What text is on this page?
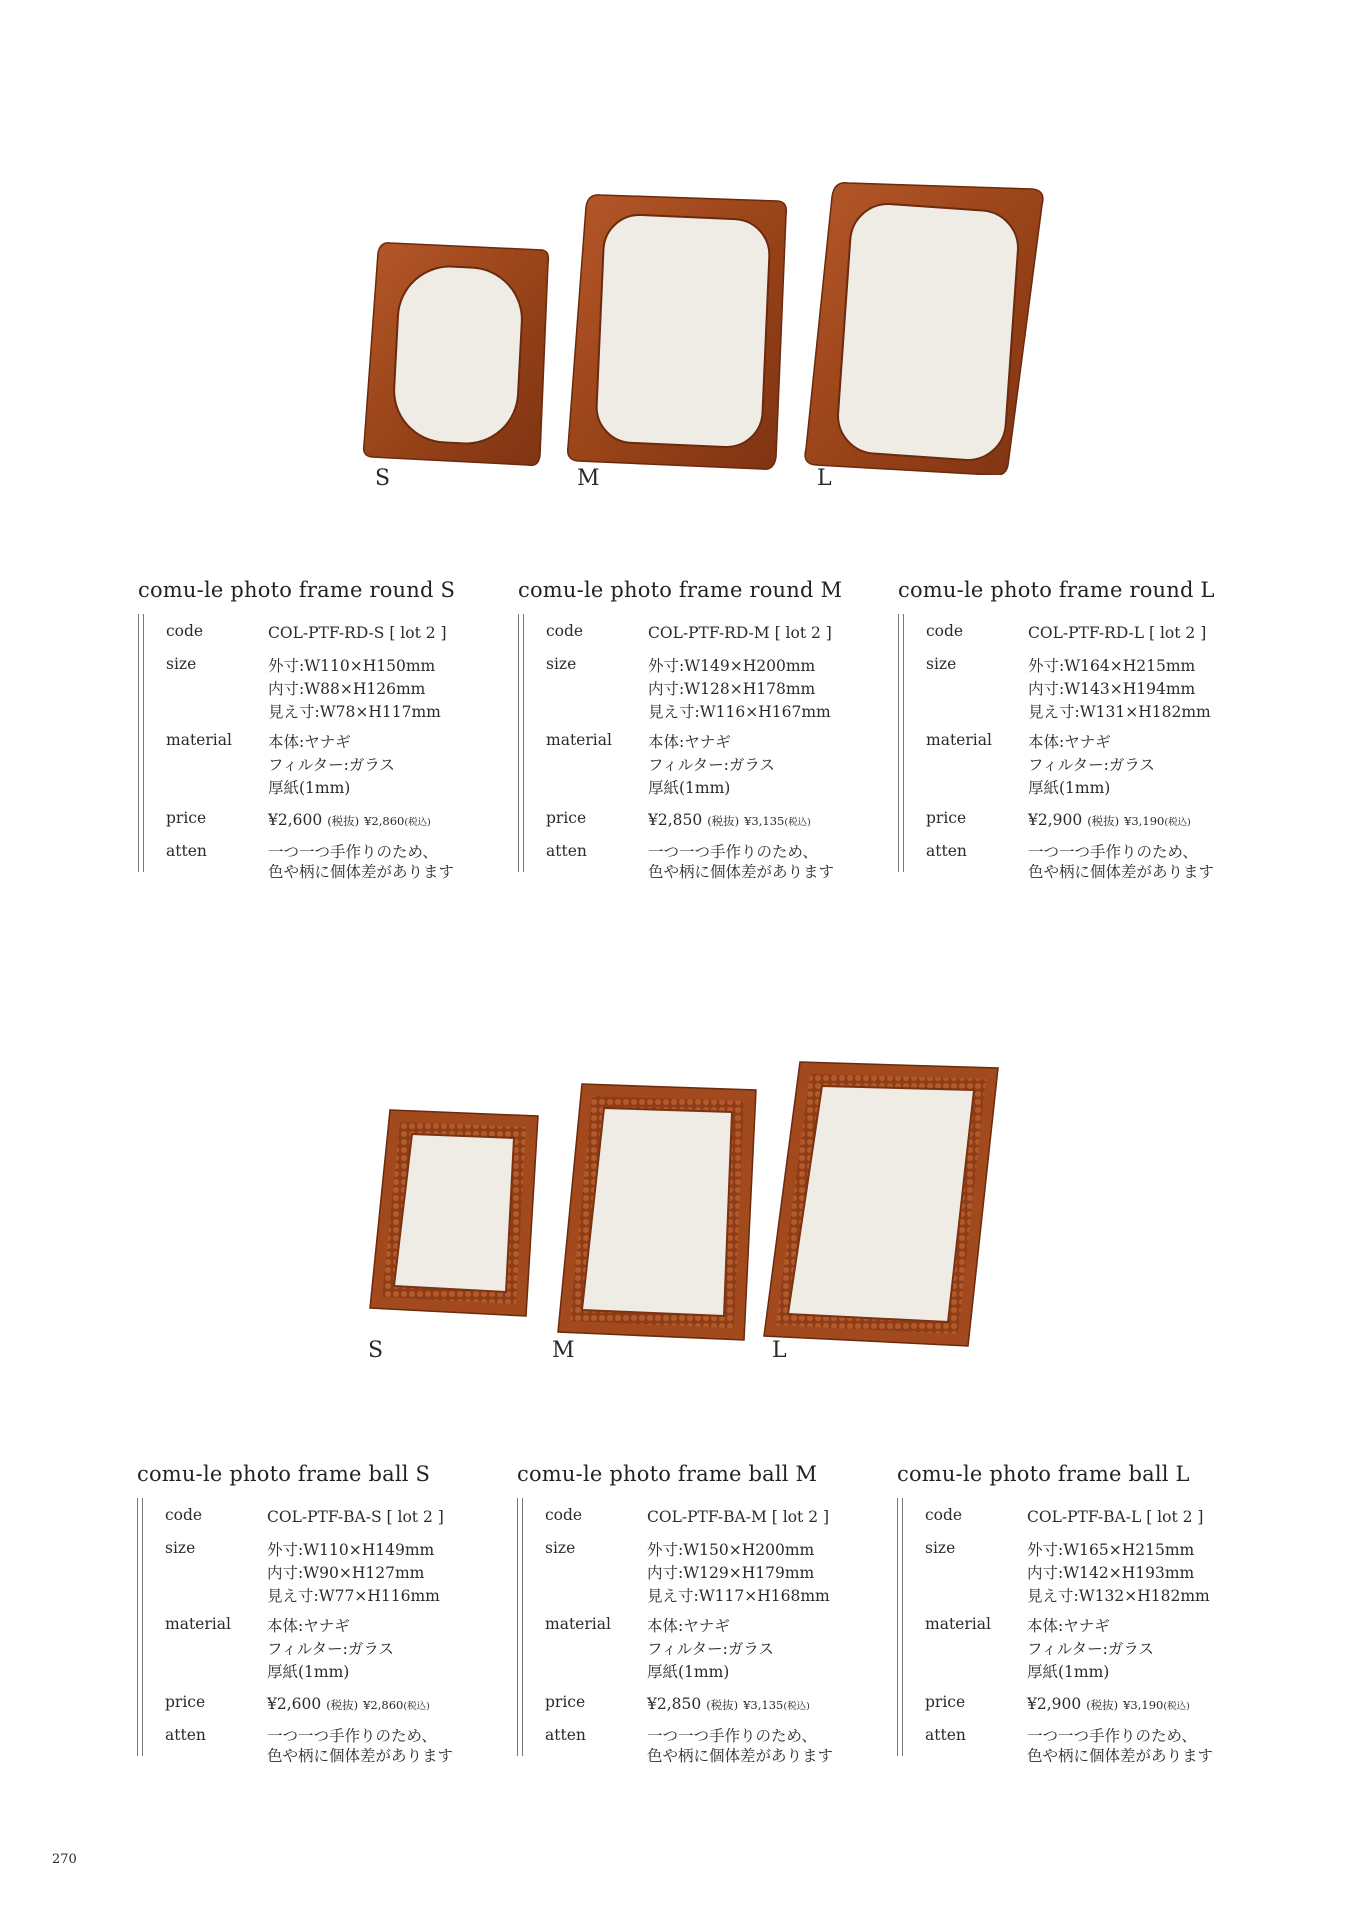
S	M	L
comu-le photo frame round S
code	COL-PTF-RD-S [ lot 2 ]
size	外寸:W110×H150mm
内寸:W88×H126mm
見え寸:W78×H117mm
material	本体:ヤナギ
フィルター:ガラス
厚紙(1mm)
price	¥2,600 (税抜) ¥2,860(税込)
atten	一つ一つ手作りのため、
色や柄に個体差があります
comu-le photo frame round M
code	COL-PTF-RD-M [ lot 2 ]
size	外寸:W149×H200mm
内寸:W128×H178mm
見え寸:W116×H167mm
material	本体:ヤナギ
フィルター:ガラス
厚紙(1mm)
price	¥2,850 (税抜) ¥3,135(税込)
atten	一つ一つ手作りのため、
色や柄に個体差があります
comu-le photo frame round L
code	COL-PTF-RD-L [ lot 2 ]
size	外寸:W164×H215mm
内寸:W143×H194mm
見え寸:W131×H182mm
material	本体:ヤナギ
フィルター:ガラス
厚紙(1mm)
price	¥2,900 (税抜) ¥3,190(税込)
atten	一つ一つ手作りのため、
色や柄に個体差があります
S	M	L
comu-le photo frame ball S
code	COL-PTF-BA-S [ lot 2 ]
size	外寸:W110×H149mm
内寸:W90×H127mm
見え寸:W77×H116mm
material	本体:ヤナギ
フィルター:ガラス
厚紙(1mm)
price	¥2,600 (税抜) ¥2,860(税込)
atten	一つ一つ手作りのため、
色や柄に個体差があります
comu-le photo frame ball M
code	COL-PTF-BA-M [ lot 2 ]
size	外寸:W150×H200mm
内寸:W129×H179mm
見え寸:W117×H168mm
material	本体:ヤナギ
フィルター:ガラス
厚紙(1mm)
price	¥2,850 (税抜) ¥3,135(税込)
atten	一つ一つ手作りのため、
色や柄に個体差があります
comu-le photo frame ball L
code	COL-PTF-BA-L [ lot 2 ]
size	外寸:W165×H215mm
内寸:W142×H193mm
見え寸:W132×H182mm
material	本体:ヤナギ
フィルター:ガラス
厚紙(1mm)
price	¥2,900 (税抜) ¥3,190(税込)
atten	一つ一つ手作りのため、
色や柄に個体差があります
270
